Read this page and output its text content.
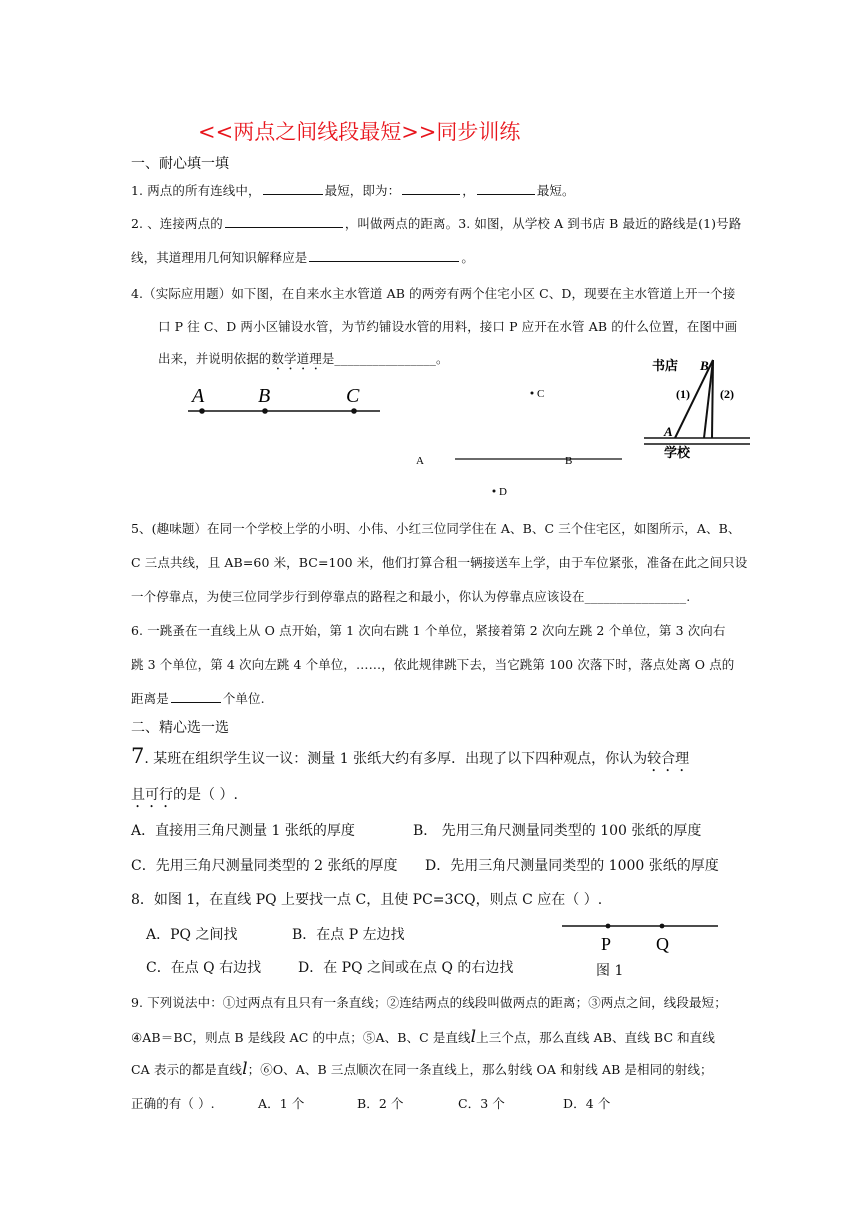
<<两点之间线段最短>>同步训练
一、耐心填一填
1. 两点的所有连线中，	最短，即为：	，	最短。
2. 、连接两点的	，叫做两点的距离。3. 如图，从学校 A 到书店 B 最近的路线是(1)号路
线，其道理用几何知识解释应是	。
4.（实际应用题）如下图，在自来水主水管道 AB 的两旁有两个住宅小区 C、D，现要在主水管道上开一个接
口 P 往 C、D 两小区铺设水管，为节约铺设水管的用料，接口 P 应开在水管 AB 的什么位置，在图中画
出来，并说明依据的数学道理是________________。
A	B	C	C
A	B
D
书店 B
(1)	(2)
A
学校
5、(趣味题）在同一个学校上学的小明、小伟、小红三位同学住在 A、B、C 三个住宅区，如图所示，A、B、
C 三点共线，且 AB=60 米，BC=100 米，他们打算合租一辆接送车上学，由于车位紧张，准备在此之间只设
一个停靠点，为使三位同学步行到停靠点的路程之和最小，你认为停靠点应该设在________________.
6. 一跳蚤在一直线上从 O 点开始，第 1 次向右跳 1 个单位，紧接着第 2 次向左跳 2 个单位，第 3 次向右
跳 3 个单位，第 4 次向左跳 4 个单位，……，依此规律跳下去，当它跳第 100 次落下时，落点处离 O 点的
距离是	个单位.
二、精心选一选
7. 某班在组织学生议一议：测量 1 张纸大约有多厚．出现了以下四种观点，你认为较合理
且可行的是（ ）.
A．直接用三角尺测量 1 张纸的厚度	B． 先用三角尺测量同类型的 100 张纸的厚度
C．先用三角尺测量同类型的 2 张纸的厚度 D．先用三角尺测量同类型的 1000 张纸的厚度
8．如图 1，在直线 PQ 上要找一点 C，且使 PC=3CQ，则点 C 应在（ ）.
A．PQ 之间找	B．在点 P 左边找
C．在点 Q 右边找	D．在 PQ 之间或在点 Q 的右边找
P Q
图 1
9. 下列说法中：①过两点有且只有一条直线；②连结两点的线段叫做两点的距离；③两点之间，线段最短；
④AB＝BC，则点 B 是线段 AC 的中点；⑤A、B、C 是直线l上三个点，那么直线 AB、直线 BC 和直线
CA 表示的都是直线l；⑥O、A、B 三点顺次在同一条直线上，那么射线 OA 和射线 AB 是相同的射线；
正确的有（ ）.	A．1 个	B．2 个	C．3 个	D．4 个
